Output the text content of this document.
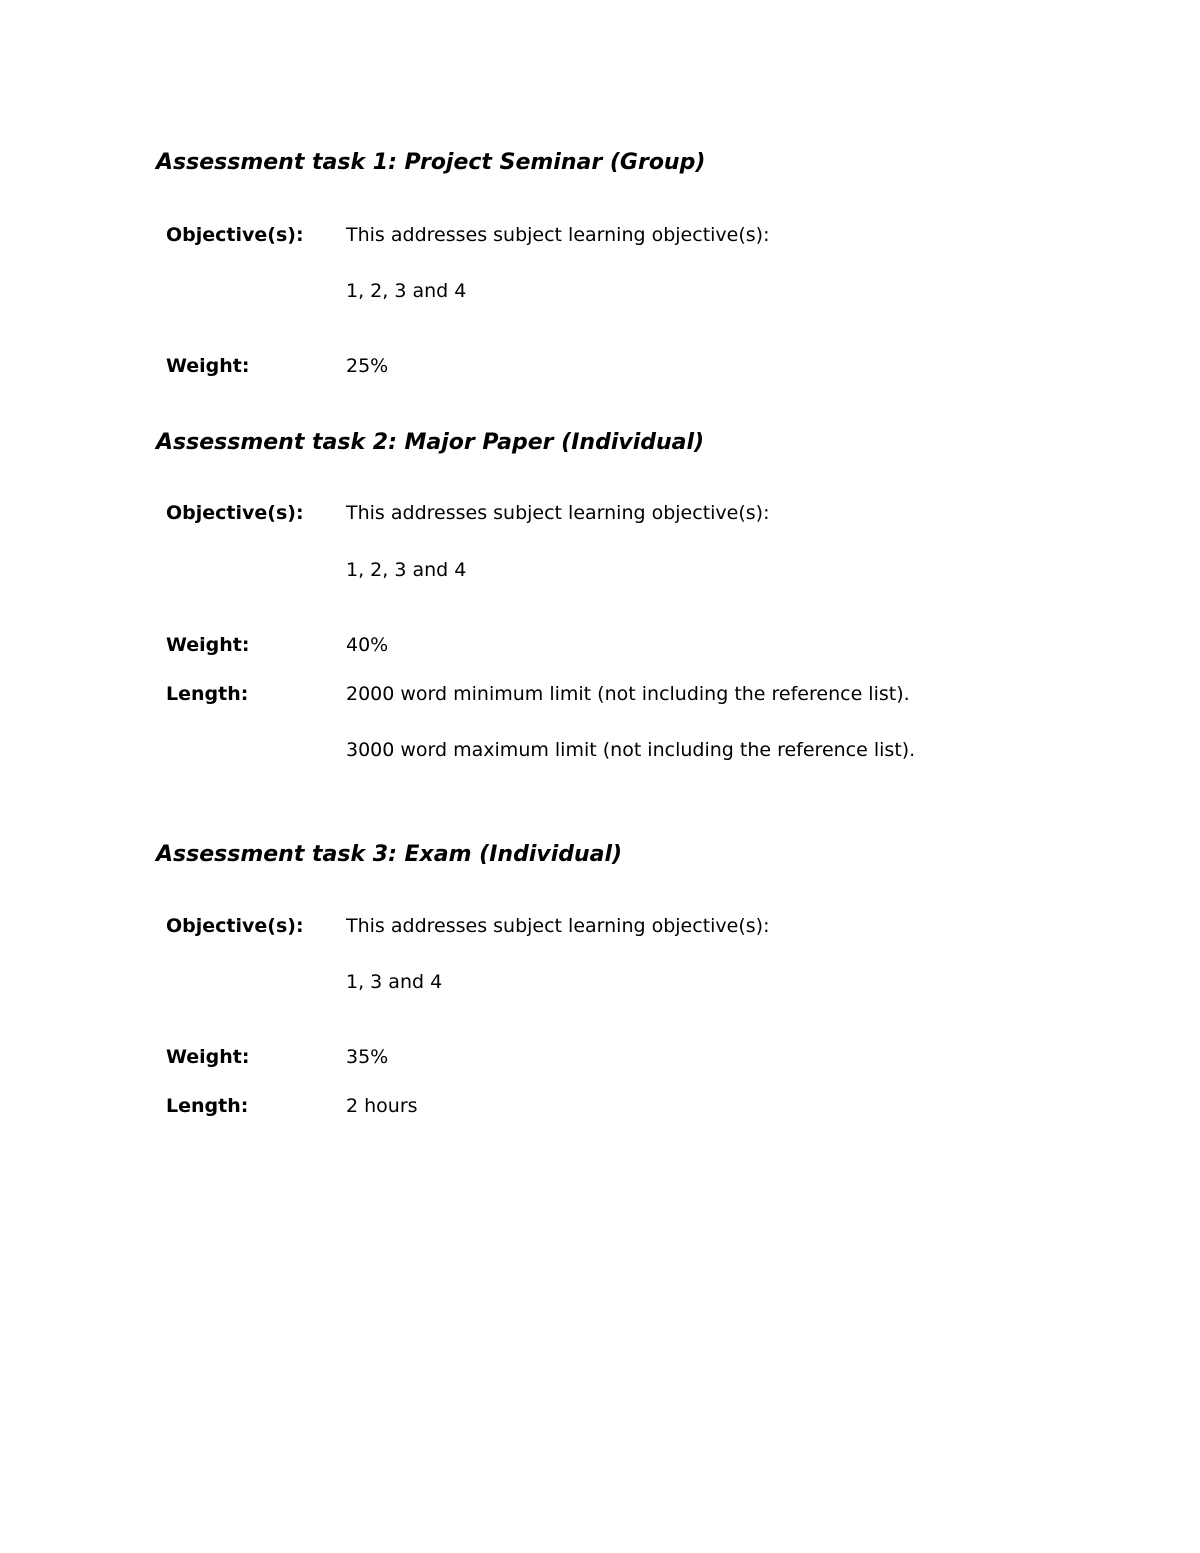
Assessment task 1: Project Seminar (Group)
Objective(s): This addresses subject learning objective(s):
1, 2, 3 and 4
Weight:	25%
Assessment task 2: Major Paper (Individual)
Objective(s): This addresses subject learning objective(s):
1, 2, 3 and 4
Weight:	40%
Length:	2000 word minimum limit (not including the reference list).
3000 word maximum limit (not including the reference list).
Assessment task 3: Exam (Individual)
Objective(s): This addresses subject learning objective(s):
1, 3 and 4
Weight:	35%
Length:	2 hours
